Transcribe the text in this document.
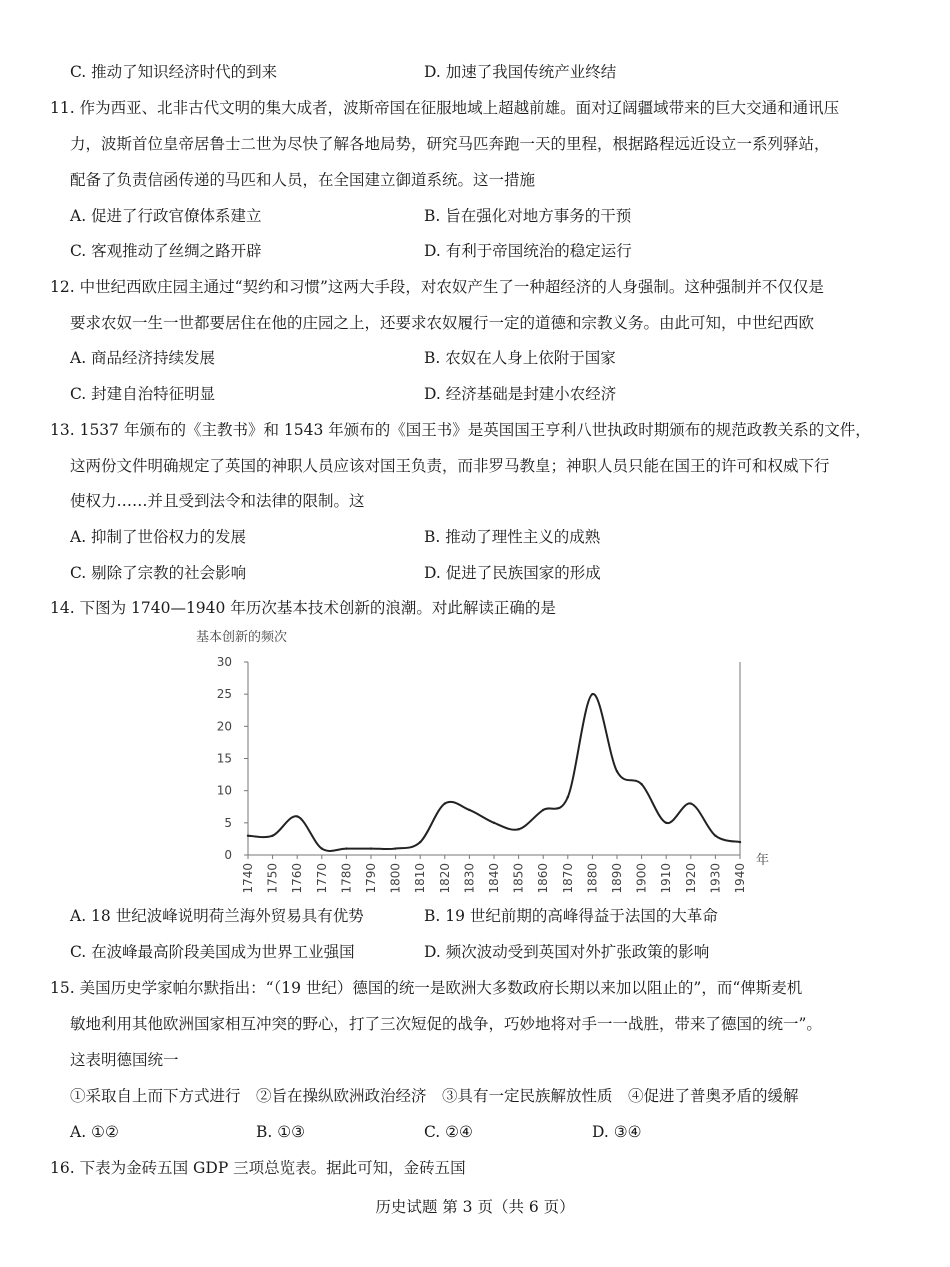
C. 推动了知识经济时代的到来	D. 加速了我国传统产业终结
11. 作为西亚、北非古代文明的集大成者，波斯帝国在征服地域上超越前雄。面对辽阔疆域带来的巨大交通和通讯压
力，波斯首位皇帝居鲁士二世为尽快了解各地局势，研究马匹奔跑一天的里程，根据路程远近设立一系列驿站，
配备了负责信函传递的马匹和人员，在全国建立御道系统。这一措施
A. 促进了行政官僚体系建立	B. 旨在强化对地方事务的干预
C. 客观推动了丝绸之路开辟	D. 有利于帝国统治的稳定运行
12. 中世纪西欧庄园主通过“契约和习惯”这两大手段，对农奴产生了一种超经济的人身强制。这种强制并不仅仅是
要求农奴一生一世都要居住在他的庄园之上，还要求农奴履行一定的道德和宗教义务。由此可知，中世纪西欧
A. 商品经济持续发展	B. 农奴在人身上依附于国家
C. 封建自治特征明显	D. 经济基础是封建小农经济
13. 1537 年颁布的《主教书》和 1543 年颁布的《国王书》是英国国王亨利八世执政时期颁布的规范政教关系的文件，
这两份文件明确规定了英国的神职人员应该对国王负责，而非罗马教皇；神职人员只能在国王的许可和权威下行
使权力……并且受到法令和法律的限制。这
A. 抑制了世俗权力的发展	B. 推动了理性主义的成熟
C. 剔除了宗教的社会影响	D. 促进了民族国家的形成
14. 下图为 1740—1940 年历次基本技术创新的浪潮。对此解读正确的是
基本创新的频次
年
0
5
10
15
20
25
30
1740 1750 1760 1770 1780 1790 1800 1810 1820 1830 1840 1850 1860 1870 1880 1890 1900 1910 1920 1930 1940
A. 18 世纪波峰说明荷兰海外贸易具有优势	B. 19 世纪前期的高峰得益于法国的大革命
C. 在波峰最高阶段美国成为世界工业强国	D. 频次波动受到英国对外扩张政策的影响
15. 美国历史学家帕尔默指出：“（19 世纪）德国的统一是欧洲大多数政府长期以来加以阻止的”，而“俾斯麦机
敏地利用其他欧洲国家相互冲突的野心，打了三次短促的战争，巧妙地将对手一一战胜，带来了德国的统一”。
这表明德国统一
①采取自上而下方式进行　②旨在操纵欧洲政治经济　③具有一定民族解放性质　④促进了普奥矛盾的缓解
A. ①②	B. ①③	C. ②④	D. ③④
16. 下表为金砖五国 GDP 三项总览表。据此可知，金砖五国
历史试题 第 3 页（共 6 页）
